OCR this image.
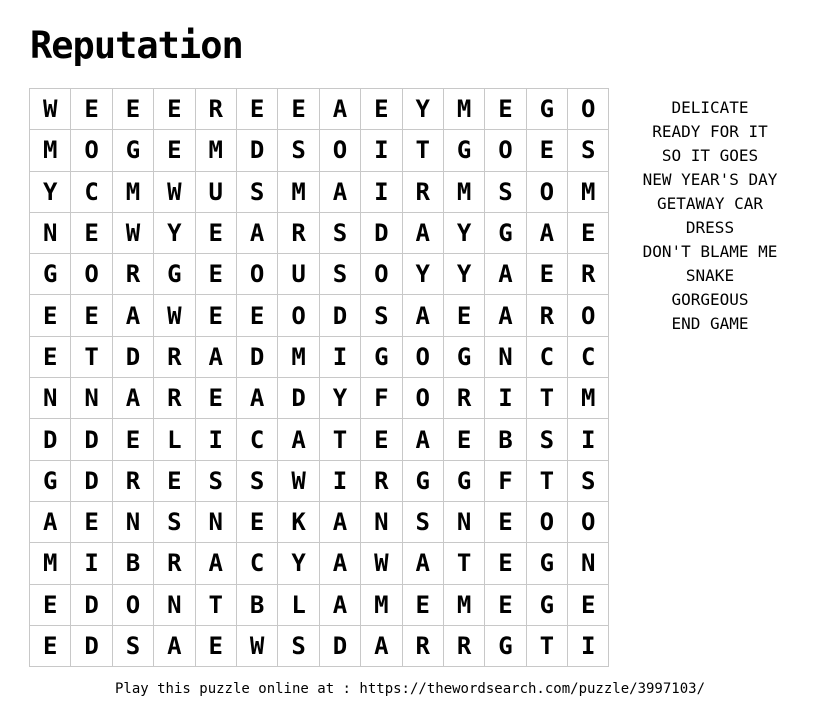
Reputation
W	E	E	E	R	E	E	A	E	Y	M	E	G	O
M	O	G	E	M	D	S	O	I	T	G	O	E	S
Y	C	M	W	U	S	M	A	I	R	M	S	O	M
N	E	W	Y	E	A	R	S	D	A	Y	G	A	E
G	O	R	G	E	O	U	S	O	Y	Y	A	E	R
E	E	A	W	E	E	O	D	S	A	E	A	R	O
E	T	D	R	A	D	M	I	G	O	G	N	C	C
N	N	A	R	E	A	D	Y	F	O	R	I	T	M
D	D	E	L	I	C	A	T	E	A	E	B	S	I
G	D	R	E	S	S	W	I	R	G	G	F	T	S
A	E	N	S	N	E	K	A	N	S	N	E	O	O
M	I	B	R	A	C	Y	A	W	A	T	E	G	N
E	D	O	N	T	B	L	A	M	E	M	E	G	E
E	D	S	A	E	W	S	D	A	R	R	G	T	I
DELICATE
READY FOR IT
SO IT GOES
NEW YEAR'S DAY
GETAWAY CAR
DRESS
DON'T BLAME ME
SNAKE
GORGEOUS
END GAME
Play this puzzle online at : https://thewordsearch.com/puzzle/3997103/
